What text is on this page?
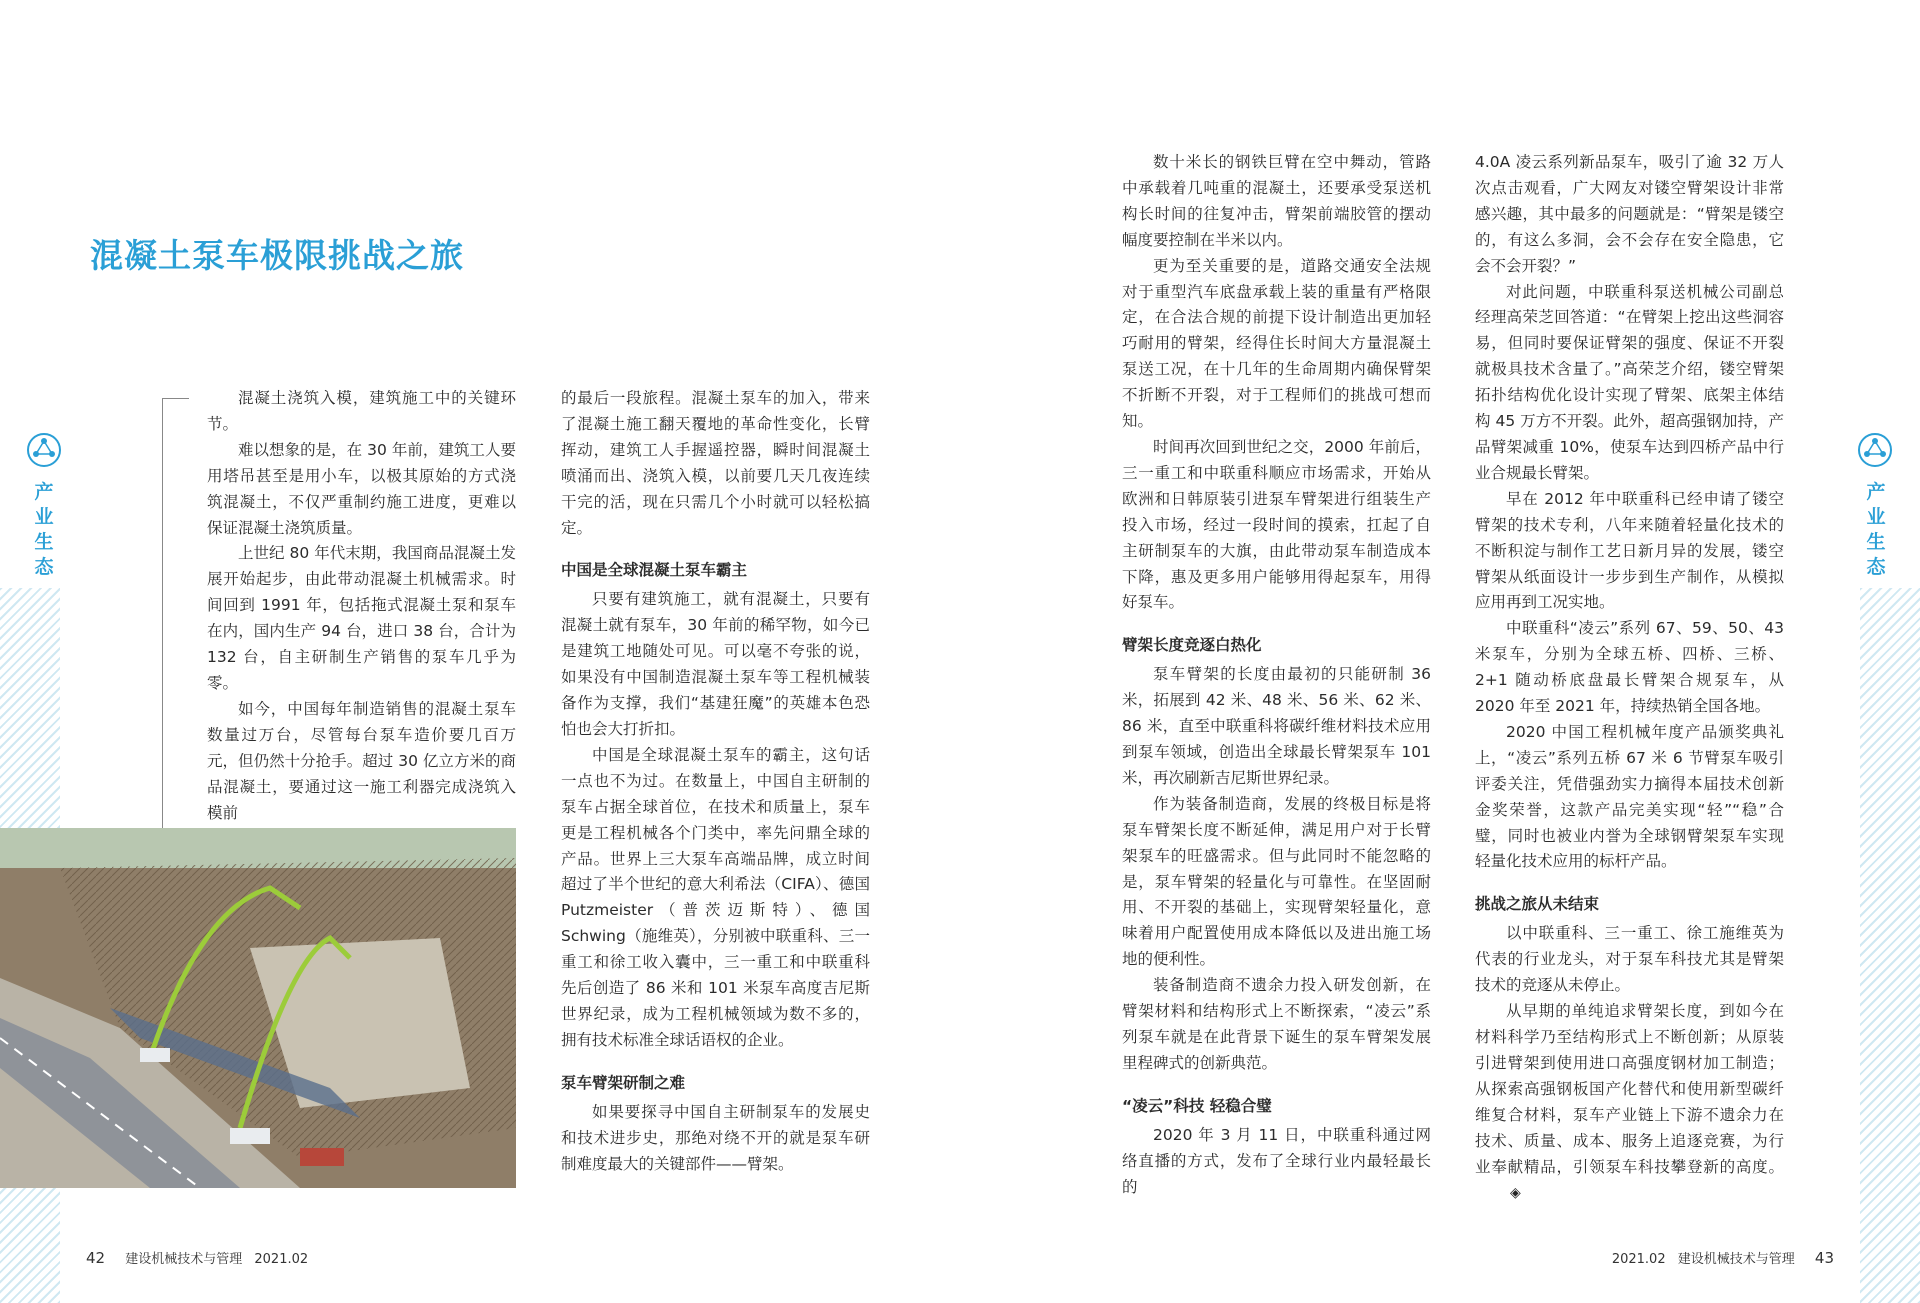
产业生态
产业生态
混凝土泵车极限挑战之旅

混凝土浇筑入模，建筑施工中的关键环节。

难以想象的是，在 30 年前，建筑工人要用塔吊甚至是用小车，以极其原始的方式浇筑混凝土，不仅严重制约施工进度，更难以保证混凝土浇筑质量。

上世纪 80 年代末期，我国商品混凝土发展开始起步，由此带动混凝土机械需求。时间回到 1991 年，包括拖式混凝土泵和泵车在内，国内生产 94 台，进口 38 台，合计为 132 台，自主研制生产销售的泵车几乎为零。

如今，中国每年制造销售的混凝土泵车数量过万台，尽管每台泵车造价要几百万元，但仍然十分抢手。超过 30 亿立方米的商品混凝土，要通过这一施工利器完成浇筑入模前

的最后一段旅程。混凝土泵车的加入，带来了混凝土施工翻天覆地的革命性变化，长臂挥动，建筑工人手握遥控器，瞬时间混凝土喷涌而出、浇筑入模，以前要几天几夜连续干完的活，现在只需几个小时就可以轻松搞定。

中国是全球混凝土泵车霸主

只要有建筑施工，就有混凝土，只要有混凝土就有泵车，30 年前的稀罕物，如今已是建筑工地随处可见。可以毫不夸张的说，如果没有中国制造混凝土泵车等工程机械装备作为支撑，我们“基建狂魔”的英雄本色恐怕也会大打折扣。

中国是全球混凝土泵车的霸主，这句话一点也不为过。在数量上，中国自主研制的泵车占据全球首位，在技术和质量上，泵车更是工程机械各个门类中，率先问鼎全球的产品。世界上三大泵车高端品牌，成立时间超过了半个世纪的意大利希法（CIFA）、德国 Putzmeister（普茨迈斯特）、德国 Schwing（施维英），分别被中联重科、三一重工和徐工收入囊中，三一重工和中联重科先后创造了 86 米和 101 米泵车高度吉尼斯世界纪录，成为工程机械领域为数不多的，拥有技术标准全球话语权的企业。

泵车臂架研制之难

如果要探寻中国自主研制泵车的发展史和技术进步史，那绝对绕不开的就是泵车研制难度最大的关键部件——臂架。

数十米长的钢铁巨臂在空中舞动，管路中承载着几吨重的混凝土，还要承受泵送机构长时间的往复冲击，臂架前端胶管的摆动幅度要控制在半米以内。

更为至关重要的是，道路交通安全法规对于重型汽车底盘承载上装的重量有严格限定，在合法合规的前提下设计制造出更加轻巧耐用的臂架，经得住长时间大方量混凝土泵送工况，在十几年的生命周期内确保臂架不折断不开裂，对于工程师们的挑战可想而知。

时间再次回到世纪之交，2000 年前后，三一重工和中联重科顺应市场需求，开始从欧洲和日韩原装引进泵车臂架进行组装生产投入市场，经过一段时间的摸索，扛起了自主研制泵车的大旗，由此带动泵车制造成本下降，惠及更多用户能够用得起泵车，用得好泵车。

臂架长度竞逐白热化

泵车臂架的长度由最初的只能研制 36 米，拓展到 42 米、48 米、56 米、62 米、86 米，直至中联重科将碳纤维材料技术应用到泵车领域，创造出全球最长臂架泵车 101 米，再次刷新吉尼斯世界纪录。

作为装备制造商，发展的终极目标是将泵车臂架长度不断延伸，满足用户对于长臂架泵车的旺盛需求。但与此同时不能忽略的是，泵车臂架的轻量化与可靠性。在坚固耐用、不开裂的基础上，实现臂架轻量化，意味着用户配置使用成本降低以及进出施工场地的便利性。

装备制造商不遗余力投入研发创新，在臂架材料和结构形式上不断探索，“凌云”系列泵车就是在此背景下诞生的泵车臂架发展里程碑式的创新典范。

“凌云”科技 轻稳合璧

2020 年 3 月 11 日，中联重科通过网络直播的方式，发布了全球行业内最轻最长的

4.0A 凌云系列新品泵车，吸引了逾 32 万人次点击观看，广大网友对镂空臂架设计非常感兴趣，其中最多的问题就是：“臂架是镂空的，有这么多洞，会不会存在安全隐患，它会不会开裂？”

对此问题，中联重科泵送机械公司副总经理高荣芝回答道：“在臂架上挖出这些洞容易，但同时要保证臂架的强度、保证不开裂就极具技术含量了。”高荣芝介绍，镂空臂架拓扑结构优化设计实现了臂架、底架主体结构 45 万方不开裂。此外，超高强钢加持，产品臂架减重 10%，使泵车达到四桥产品中行业合规最长臂架。

早在 2012 年中联重科已经申请了镂空臂架的技术专利，八年来随着轻量化技术的不断积淀与制作工艺日新月异的发展，镂空臂架从纸面设计一步步到生产制作，从模拟应用再到工况实地。

中联重科“凌云”系列 67、59、50、43 米泵车，分别为全球五桥、四桥、三桥、2+1 随动桥底盘最长臂架合规泵车，从 2020 年至 2021 年，持续热销全国各地。

2020 中国工程机械年度产品颁奖典礼上，“凌云”系列五桥 67 米 6 节臂泵车吸引评委关注，凭借强劲实力摘得本届技术创新金奖荣誉，这款产品完美实现“轻”“稳”合璧，同时也被业内誉为全球钢臂架泵车实现轻量化技术应用的标杆产品。

挑战之旅从未结束

以中联重科、三一重工、徐工施维英为代表的行业龙头，对于泵车科技尤其是臂架技术的竞逐从未停止。

从早期的单纯追求臂架长度，到如今在材料科学乃至结构形式上不断创新；从原装引进臂架到使用进口高强度钢材加工制造；从探索高强钢板国产化替代和使用新型碳纤维复合材料，泵车产业链上下游不遗余力在技术、质量、成本、服务上追逐竞赛，为行业奉献精品，引领泵车科技攀登新的高度。◈

42 建设机械技术与管理 2021.02	2021.02 建设机械技术与管理 43
